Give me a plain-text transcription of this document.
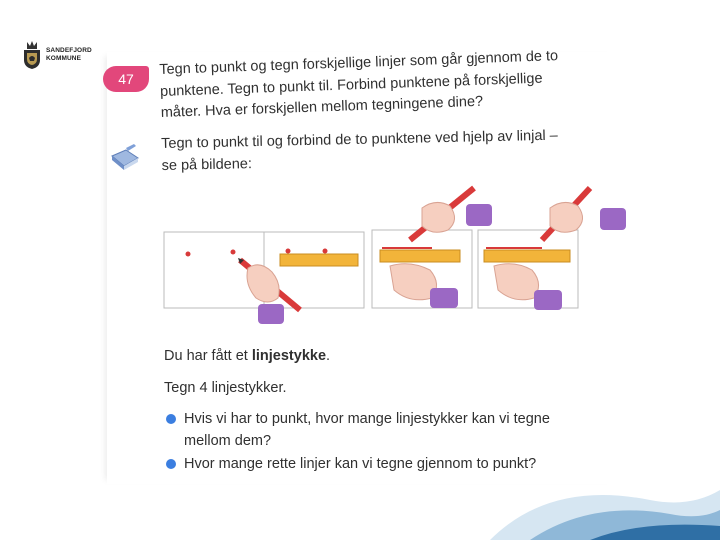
SANDEFJORD
KOMMUNE
47
Tegn to punkt og tegn forskjellige linjer som går gjennom de to
punktene. Tegn to punkt til. Forbind punktene på forskjellige
måter. Hva er forskjellen mellom tegningene dine?
Tegn to punkt til og forbind de to punktene ved hjelp av linjal –
se på bildene:
Du har fått et linjestykke.
Tegn 4 linjestykker.
Hvis vi har to punkt, hvor mange linjestykker kan vi tegne
mellom dem?
Hvor mange rette linjer kan vi tegne gjennom to punkt?
